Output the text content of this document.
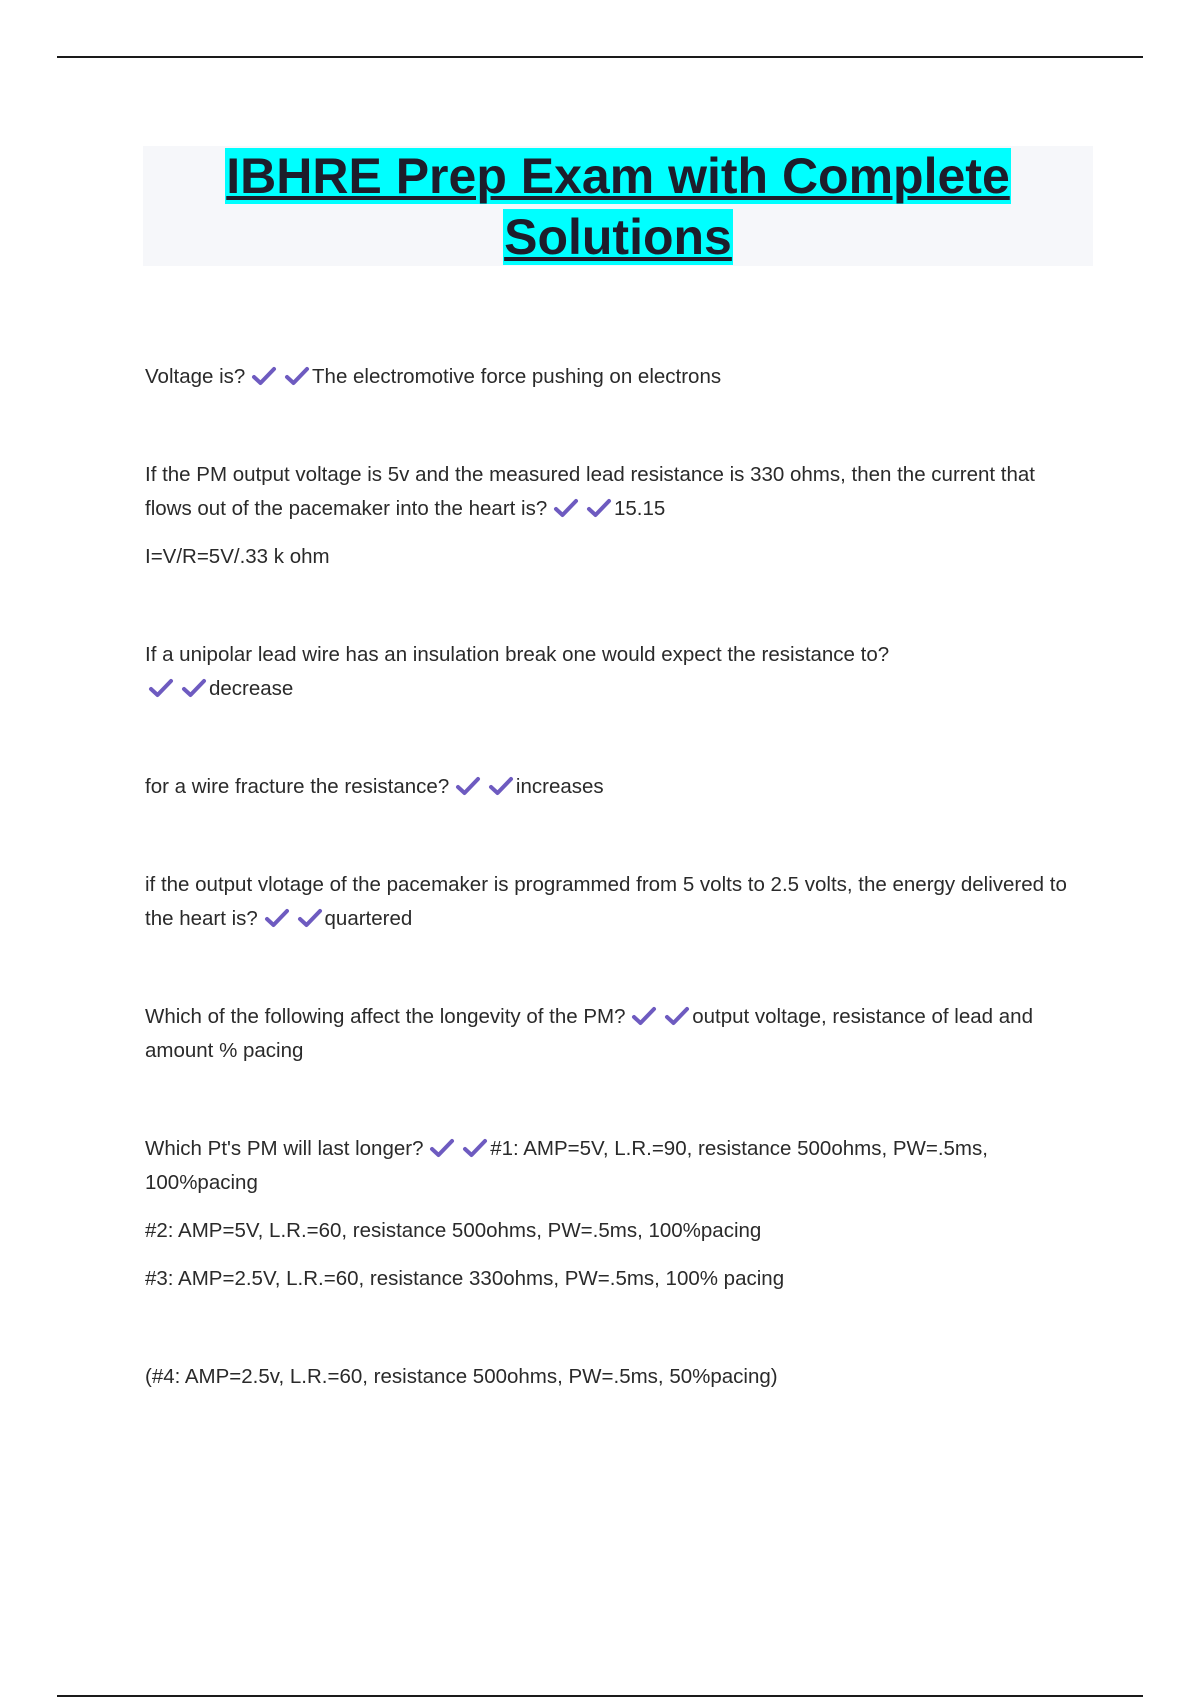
IBHRE Prep Exam with Complete
Solutions

Voltage is?	The electromotive force pushing on electrons

If the PM output voltage is 5v and the measured lead resistance is 330 ohms, then the current that flows out of the pacemaker into the heart is?	15.15

I=V/R=5V/.33 k ohm

If a unipolar lead wire has an insulation break one would expect the resistance to?

decrease

for a wire fracture the resistance?	increases

if the output vlotage of the pacemaker is programmed from 5 volts to 2.5 volts, the energy delivered to the heart is?	quartered

Which of the following affect the longevity of the PM?	output voltage, resistance of lead and amount % pacing

Which Pt's PM will last longer?	#1: AMP=5V, L.R.=90, resistance 500ohms, PW=.5ms, 100%pacing

#2: AMP=5V, L.R.=60, resistance 500ohms, PW=.5ms, 100%pacing

#3: AMP=2.5V, L.R.=60, resistance 330ohms, PW=.5ms, 100% pacing

(#4: AMP=2.5v, L.R.=60, resistance 500ohms, PW=.5ms, 50%pacing)
